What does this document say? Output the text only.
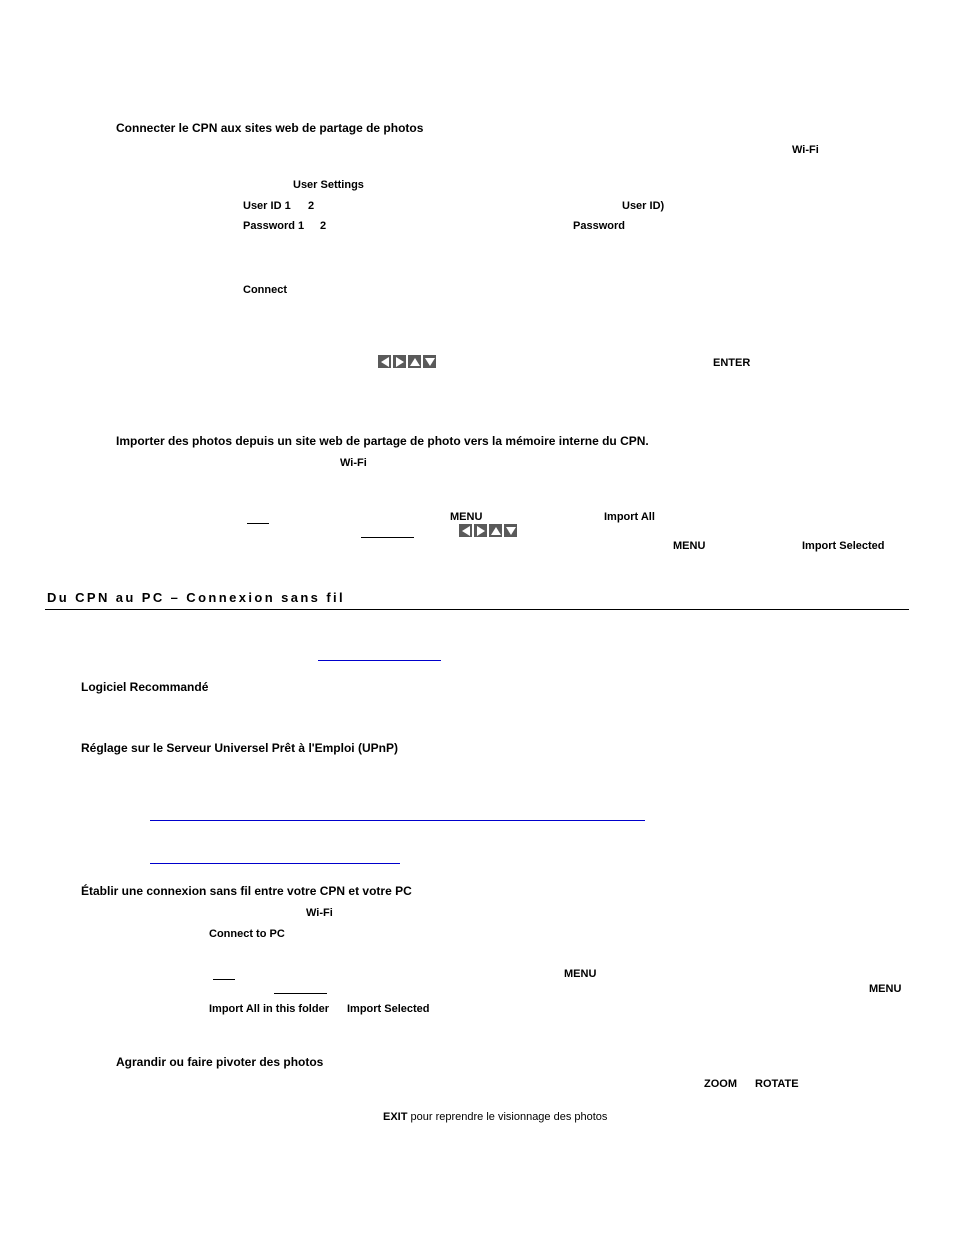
Connecter le CPN aux sites web de partage de photos
Wi-Fi
User Settings
User ID 1 2	User ID)
Password 1 2	Password
Connect
ENTER
Importer des photos depuis un site web de partage de photo vers la mémoire interne du CPN.
Wi-Fi
MENU	Import All
MENU	Import Selected
Du CPN au PC – Connexion sans fil
Logiciel Recommandé
Réglage sur le Serveur Universel Prêt à l'Emploi (UPnP)
Établir une connexion sans fil entre votre CPN et votre PC
Wi-Fi
Connect to PC
MENU
MENU
Import All in this folder Import Selected
Agrandir ou faire pivoter des photos
ZOOM ROTATE
EXIT pour reprendre le visionnage des photos
